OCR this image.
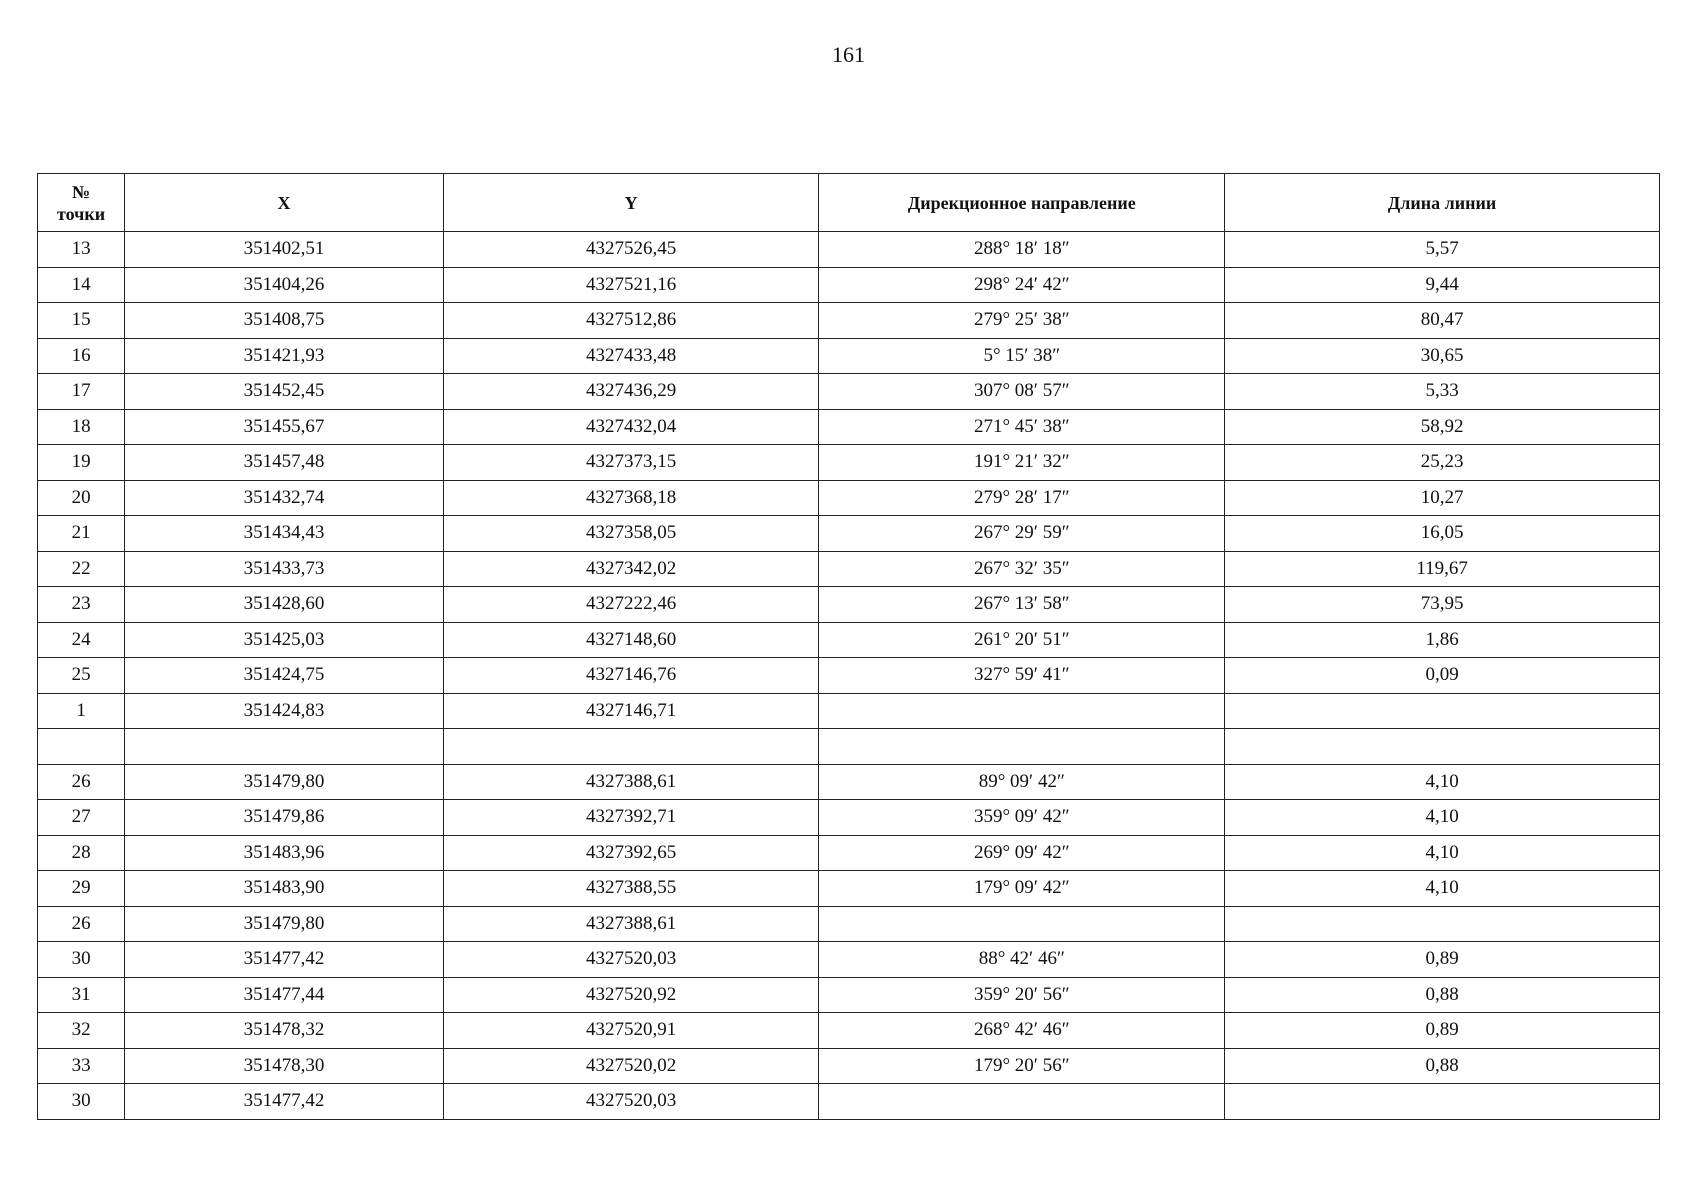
161
№ точки	X	Y	Дирекционное направление	Длина линии
13	351402,51	4327526,45	288° 18′ 18″	5,57
14	351404,26	4327521,16	298° 24′ 42″	9,44
15	351408,75	4327512,86	279° 25′ 38″	80,47
16	351421,93	4327433,48	5° 15′ 38″	30,65
17	351452,45	4327436,29	307° 08′ 57″	5,33
18	351455,67	4327432,04	271° 45′ 38″	58,92
19	351457,48	4327373,15	191° 21′ 32″	25,23
20	351432,74	4327368,18	279° 28′ 17″	10,27
21	351434,43	4327358,05	267° 29′ 59″	16,05
22	351433,73	4327342,02	267° 32′ 35″	119,67
23	351428,60	4327222,46	267° 13′ 58″	73,95
24	351425,03	4327148,60	261° 20′ 51″	1,86
25	351424,75	4327146,76	327° 59′ 41″	0,09
1	351424,83	4327146,71		

26	351479,80	4327388,61	89° 09′ 42″	4,10
27	351479,86	4327392,71	359° 09′ 42″	4,10
28	351483,96	4327392,65	269° 09′ 42″	4,10
29	351483,90	4327388,55	179° 09′ 42″	4,10
26	351479,80	4327388,61		
30	351477,42	4327520,03	88° 42′ 46″	0,89
31	351477,44	4327520,92	359° 20′ 56″	0,88
32	351478,32	4327520,91	268° 42′ 46″	0,89
33	351478,30	4327520,02	179° 20′ 56″	0,88
30	351477,42	4327520,03		
